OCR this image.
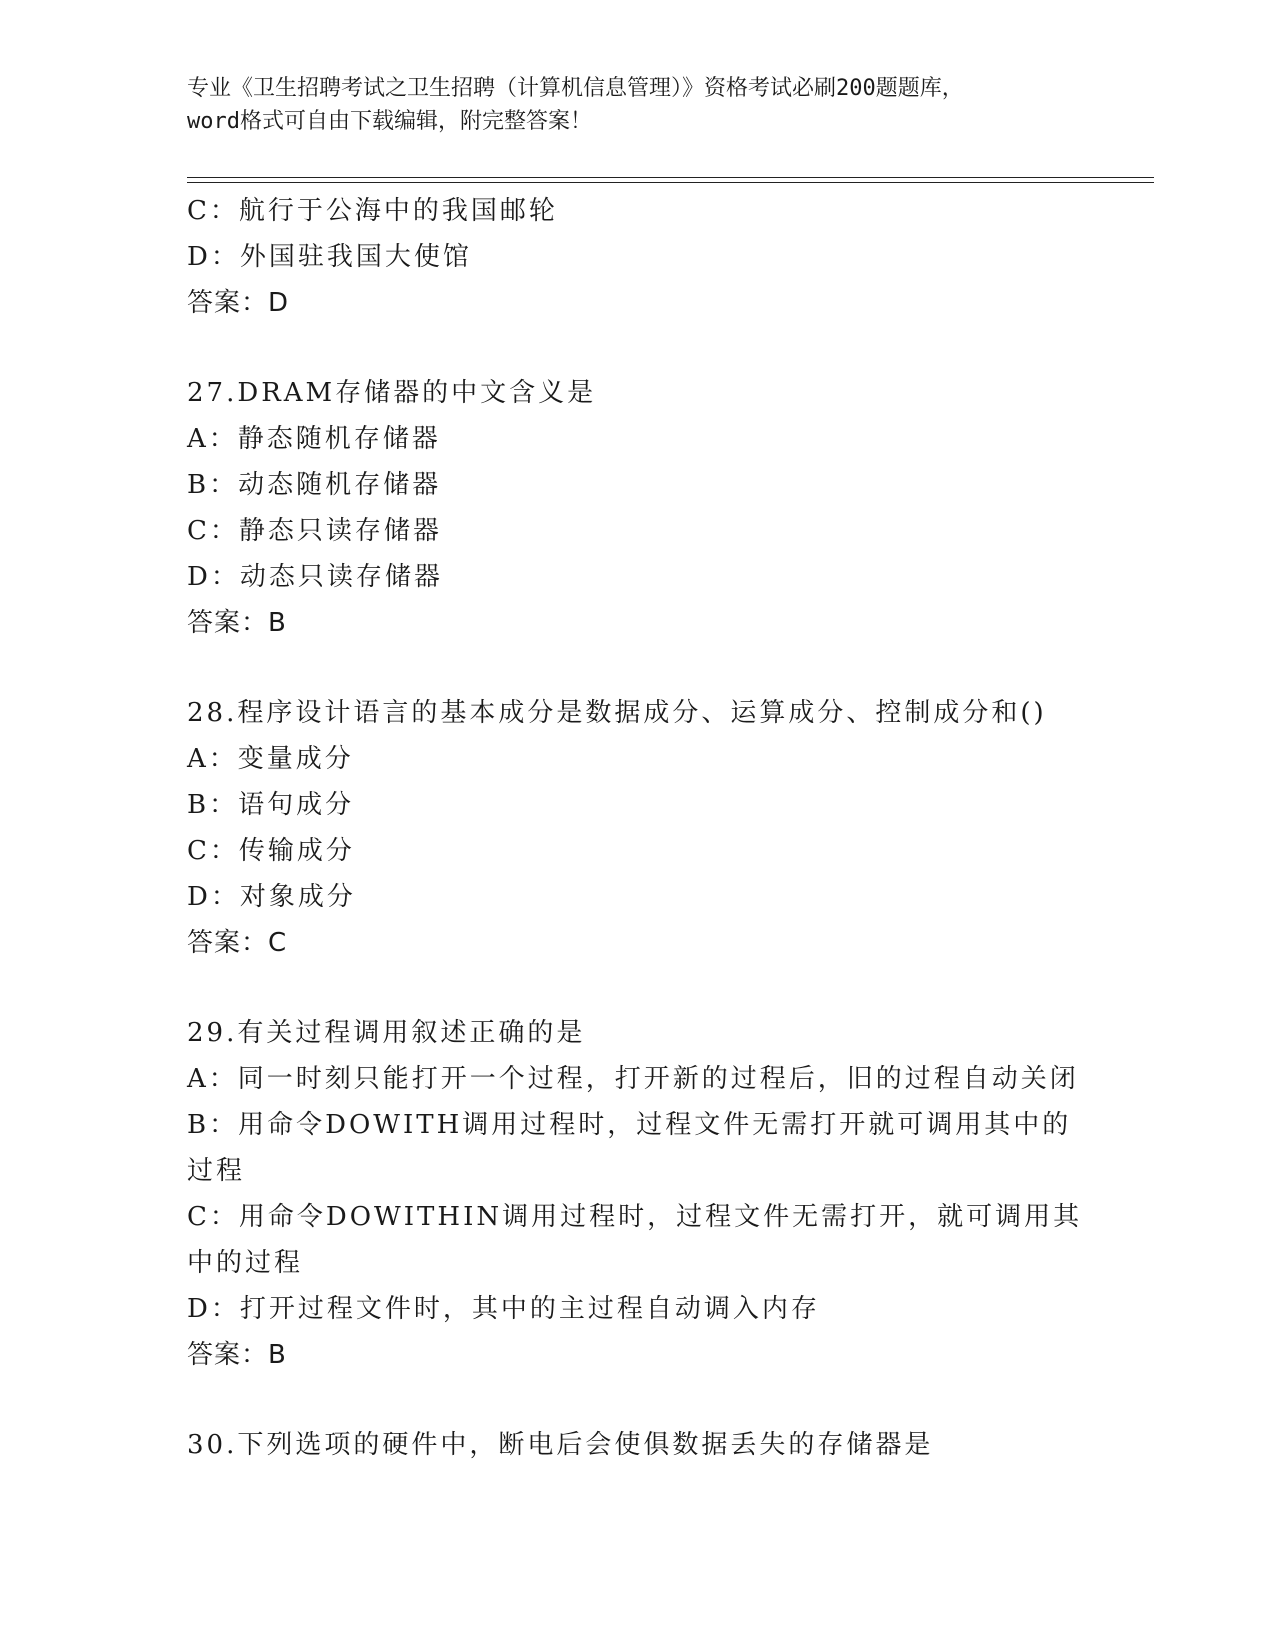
专业《卫生招聘考试之卫生招聘（计算机信息管理）》资格考试必刷200题题库，
word格式可自由下载编辑，附完整答案！
C：航行于公海中的我国邮轮
D：外国驻我国大使馆
答案：D
27.DRAM存储器的中文含义是
A：静态随机存储器
B：动态随机存储器
C：静态只读存储器
D：动态只读存储器
答案：B
28.程序设计语言的基本成分是数据成分、运算成分、控制成分和()
A：变量成分
B：语句成分
C：传输成分
D：对象成分
答案：C
29.有关过程调用叙述正确的是
A：同一时刻只能打开一个过程，打开新的过程后，旧的过程自动关闭
B：用命令DOWITH调用过程时，过程文件无需打开就可调用其中的过程
C：用命令DOWITHIN调用过程时，过程文件无需打开，就可调用其中的过程
D：打开过程文件时，其中的主过程自动调入内存
答案：B
30.下列选项的硬件中，断电后会使俱数据丢失的存储器是
